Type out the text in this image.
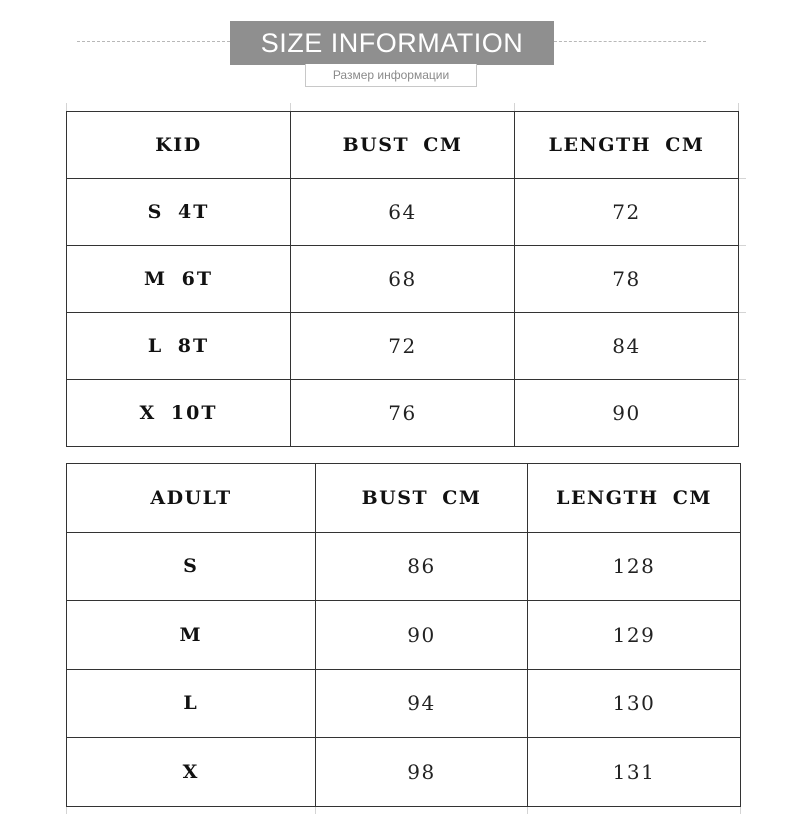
SIZE INFORMATION
Размер информации
KID	BUST CM	LENGTH CM
S 4T	64	72
M 6T	68	78
L 8T	72	84
X 10T	76	90
ADULT	BUST CM	LENGTH CM
S	86	128
M	90	129
L	94	130
X	98	131
